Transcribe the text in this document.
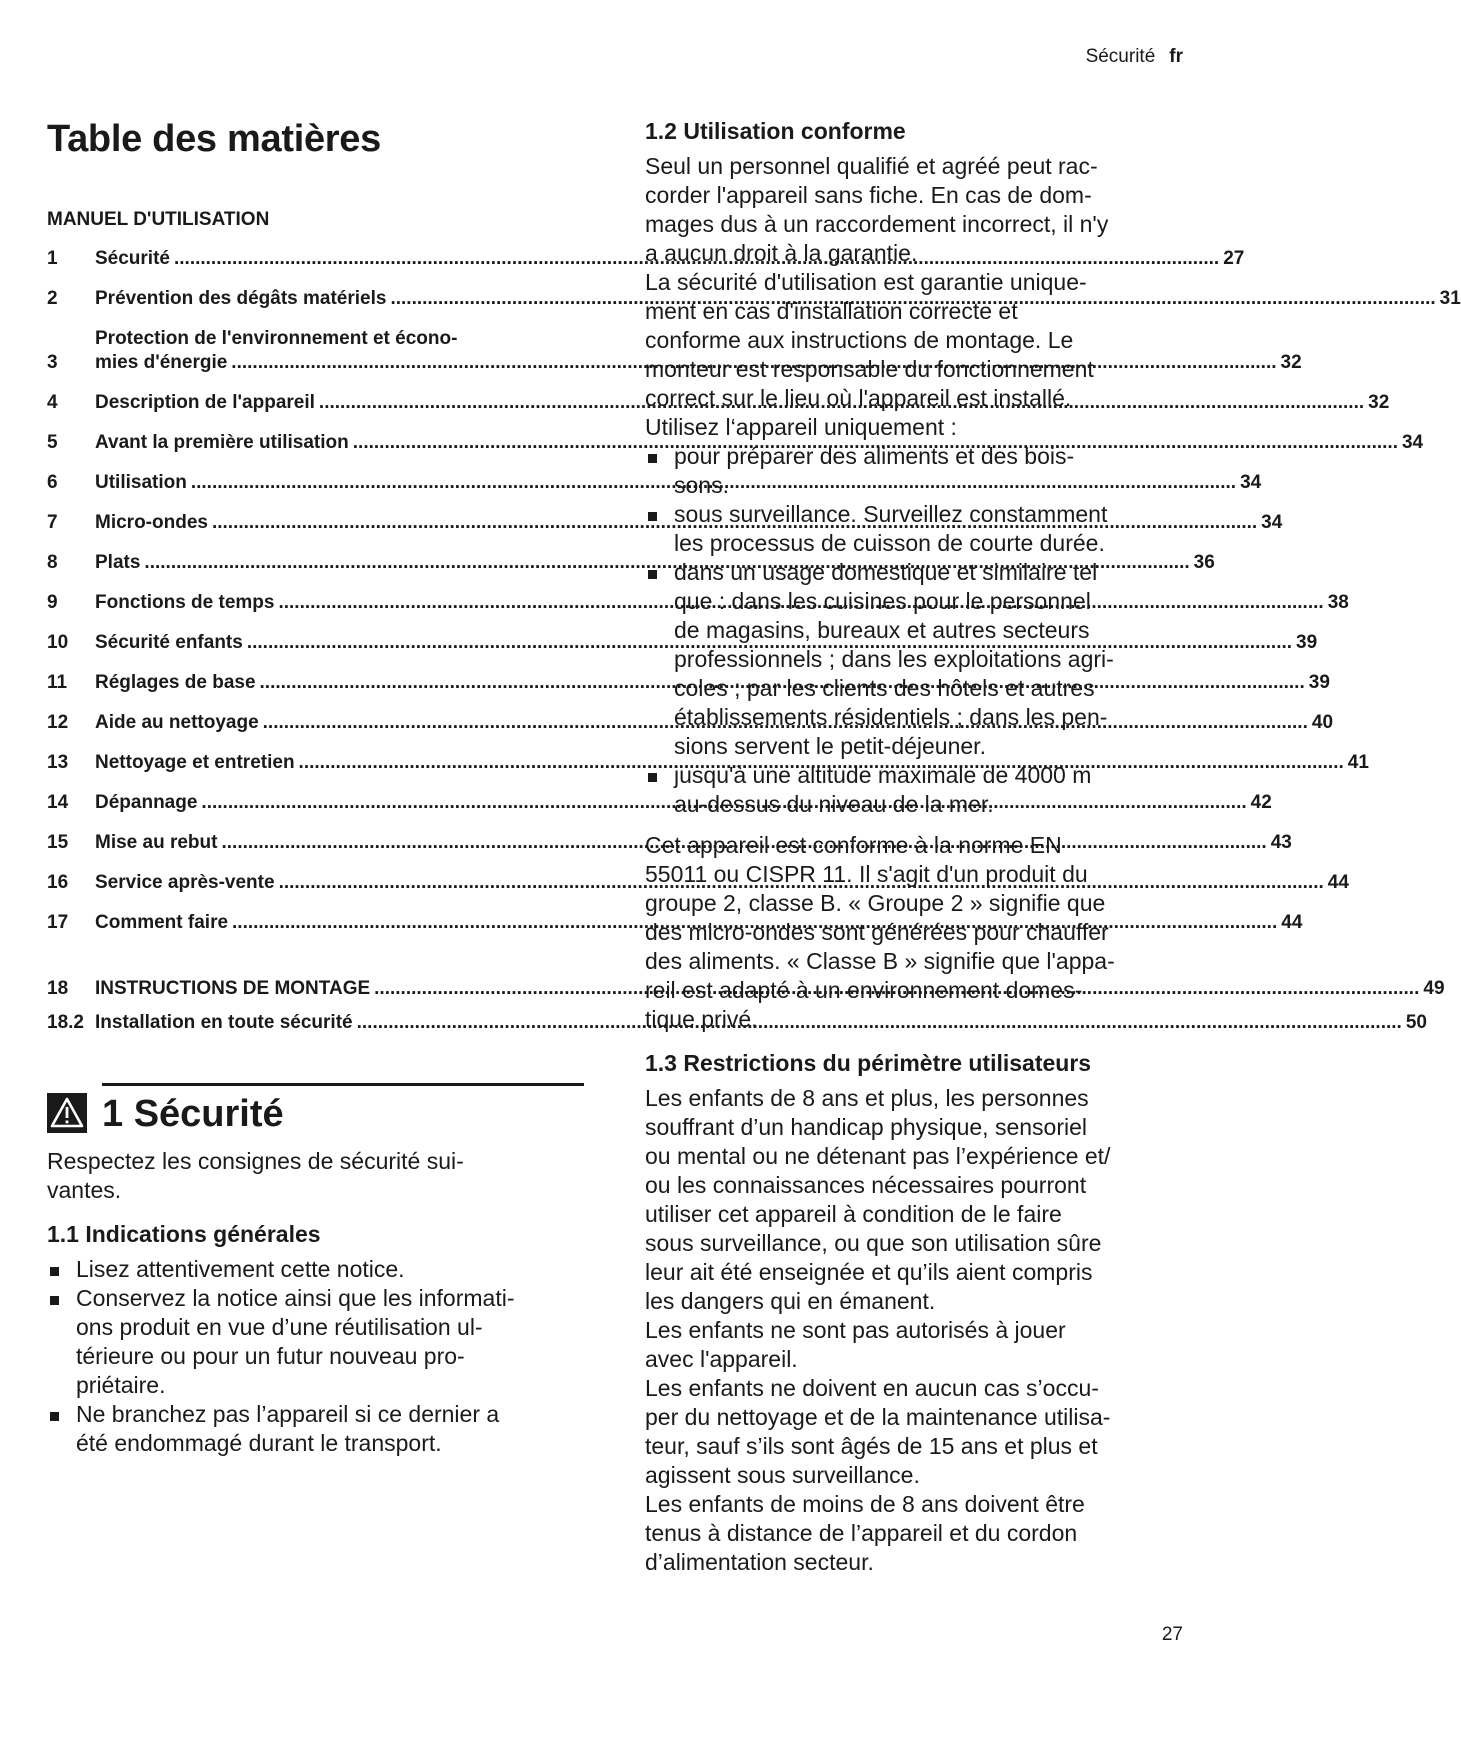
Sécurité fr
Table des matières
MANUEL D'UTILISATION
1	Sécurité .....	27
2	Prévention des dégâts matériels .....	31
3
Protection de l'environnement et écono-
mies d'énergie .....	32
4	Description de l'appareil .....	32
5	Avant la première utilisation .....	34
6	Utilisation .....	34
7	Micro-ondes .....	34
8	Plats .....	36
9	Fonctions de temps .....	38
10	Sécurité enfants .....	39
11	Réglages de base .....	39
12	Aide au nettoyage .....	40
13	Nettoyage et entretien .....	41
14	Dépannage .....	42
15	Mise au rebut .....	43
16	Service après-vente .....	44
17	Comment faire .....	44
18	INSTRUCTIONS DE MONTAGE .....	49
18.2 Installation en toute sécurité .....	50
1 Sécurité

Respectez les consignes de sécurité sui-
vantes.

1.1 Indications générales
Lisez attentivement cette notice.
Conservez la notice ainsi que les informati-
ons produit en vue d’une réutilisation ul-
térieure ou pour un futur nouveau pro-
priétaire.
Ne branchez pas l’appareil si ce dernier a
été endommagé durant le transport.
1.2 Utilisation conforme

Seul un personnel qualifié et agréé peut rac-
corder l'appareil sans fiche. En cas de dom-
mages dus à un raccordement incorrect, il n'y
a aucun droit à la garantie.
La sécurité d'utilisation est garantie unique-
ment en cas d'installation correcte et
conforme aux instructions de montage. Le
monteur est responsable du fonctionnement
correct sur le lieu où l'appareil est installé.
Utilisez l‘appareil uniquement :

pour préparer des aliments et des bois-
sons.
sous surveillance. Surveillez constamment
les processus de cuisson de courte durée.
dans un usage domestique et similaire tel
que : dans les cuisines pour le personnel
de magasins, bureaux et autres secteurs
professionnels ; dans les exploitations agri-
coles ; par les clients des hôtels et autres
établissements résidentiels ; dans les pen-
sions servent le petit-déjeuner.
jusqu'à une altitude maximale de 4000 m
au-dessus du niveau de la mer.

Cet appareil est conforme à la norme EN
55011 ou CISPR 11. Il s'agit d'un produit du
groupe 2, classe B. « Groupe 2 » signifie que
des micro-ondes sont générées pour chauffer
des aliments. « Classe B » signifie que l'appa-
reil est adapté à un environnement domes-
tique privé.

1.3 Restrictions du périmètre utilisateurs

Les enfants de 8 ans et plus, les personnes
souffrant d’un handicap physique, sensoriel
ou mental ou ne détenant pas l’expérience et/
ou les connaissances nécessaires pourront
utiliser cet appareil à condition de le faire
sous surveillance, ou que son utilisation sûre
leur ait été enseignée et qu’ils aient compris
les dangers qui en émanent.
Les enfants ne sont pas autorisés à jouer
avec l'appareil.
Les enfants ne doivent en aucun cas s’occu-
per du nettoyage et de la maintenance utilisa-
teur, sauf s’ils sont âgés de 15 ans et plus et
agissent sous surveillance.
Les enfants de moins de 8 ans doivent être
tenus à distance de l’appareil et du cordon
d’alimentation secteur.

27
